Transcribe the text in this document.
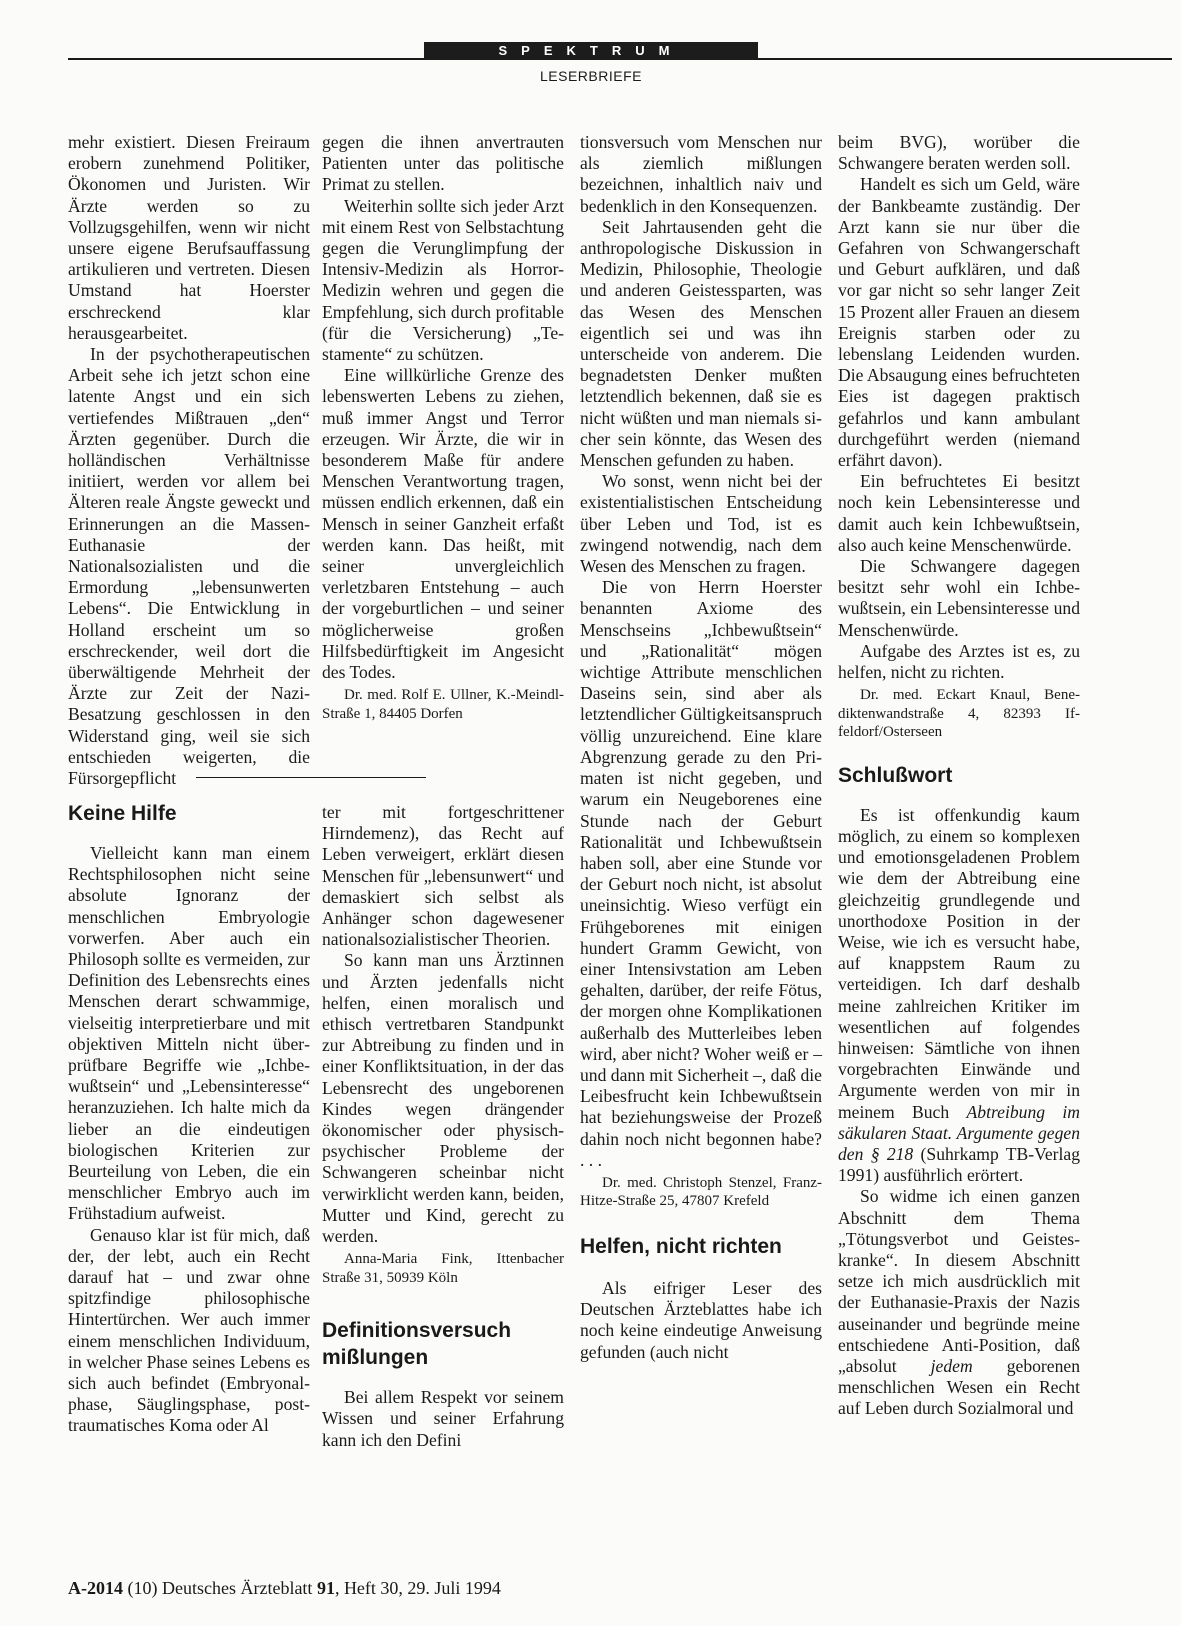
SPEKTRUM
LESERBRIEFE

mehr existiert. Diesen Freiraum erobern zunehmend Politiker, Ökonomen und Juristen. Wir Ärzte werden so zu Vollzugsgehilfen, wenn wir nicht unsere eigene Berufsauffassung artikulieren und vertreten. Diesen Umstand hat Hoerster erschreckend klar herausgearbeitet.

In der psychotherapeutischen Arbeit sehe ich jetzt schon eine latente Angst und ein sich vertiefendes Mißtrauen „den“ Ärzten gegenüber. Durch die holländischen Verhältnisse initiiert, werden vor allem bei Älteren reale Ängste geweckt und Erinnerungen an die Massen-Euthanasie der Nationalsozialisten und die Ermordung „lebensunwerten Lebens“. Die Entwicklung in Holland erscheint um so erschreckender, weil dort die überwältigende Mehrheit der Ärzte zur Zeit der Nazi-Besatzung geschlossen in den Widerstand ging, weil sie sich entschieden weigerten, die Fürsorgepflicht

gegen die ihnen anvertrauten Patienten unter das politische Primat zu stellen.

Weiterhin sollte sich jeder Arzt mit einem Rest von Selbstachtung gegen die Verunglimpfung der Intensiv-Medizin als Horror-Medizin wehren und gegen die Empfehlung, sich durch profitable (für die Versicherung) „Testamente“ zu schützen.

Eine willkürliche Grenze des lebenswerten Lebens zu ziehen, muß immer Angst und Terror erzeugen. Wir Ärzte, die wir in besonderem Maße für andere Menschen Verantwortung tragen, müssen endlich erkennen, daß ein Mensch in seiner Ganzheit erfaßt werden kann. Das heißt, mit seiner unvergleichlich verletzbaren Entstehung – auch der vorgeburtlichen – und seiner möglicherweise großen Hilfsbedürftigkeit im Angesicht des Todes.

Dr. med. Rolf E. Ullner, K.-Meindl-Straße 1, 84405 Dorfen

tionsversuch vom Menschen nur als ziemlich mißlungen bezeichnen, inhaltlich naiv und bedenklich in den Konsequenzen.

Seit Jahrtausenden geht die anthropologische Diskussion in Medizin, Philosophie, Theologie und anderen Geistessparten, was das Wesen des Menschen eigentlich sei und was ihn unterscheide von anderem. Die begnadetsten Denker mußten letztendlich bekennen, daß sie es nicht wüßten und man niemals sicher sein könnte, das Wesen des Menschen gefunden zu haben.

Wo sonst, wenn nicht bei der existentialistischen Entscheidung über Leben und Tod, ist es zwingend notwendig, nach dem Wesen des Menschen zu fragen.

Die von Herrn Hoerster benannten Axiome des Menschseins „Ichbewußtsein“ und „Rationalität“ mögen wichtige Attribute menschlichen Daseins sein, sind aber als letztendlicher Gültigkeitsanspruch völlig unzureichend. Eine klare Abgrenzung gerade zu den Primaten ist nicht gegeben, und warum ein Neugeborenes eine Stunde nach der Geburt Rationalität und Ichbewußtsein haben soll, aber eine Stunde vor der Geburt noch nicht, ist absolut uneinsichtig. Wieso verfügt ein Frühgeborenes mit einigen hundert Gramm Gewicht, von einer Intensivstation am Leben gehalten, darüber, der reife Fötus, der morgen ohne Komplikationen außerhalb des Mutterleibes leben wird, aber nicht? Woher weiß er – und dann mit Sicherheit –, daß die Leibesfrucht kein Ichbewußtsein hat beziehungsweise der Prozeß dahin noch nicht begonnen habe? . . .

Dr. med. Christoph Stenzel, Franz-Hitze-Straße 25, 47807 Krefeld

Helfen, nicht richten

Als eifriger Leser des Deutschen Ärzteblattes habe ich noch keine eindeutige Anweisung gefunden (auch nicht

beim BVG), worüber die Schwangere beraten werden soll.

Handelt es sich um Geld, wäre der Bankbeamte zuständig. Der Arzt kann sie nur über die Gefahren von Schwangerschaft und Geburt aufklären, und daß vor gar nicht so sehr langer Zeit 15 Prozent aller Frauen an diesem Ereignis starben oder zu lebenslang Leidenden wurden. Die Absaugung eines befruchteten Eies ist dagegen praktisch gefahrlos und kann ambulant durchgeführt werden (niemand erfährt davon).

Ein befruchtetes Ei besitzt noch kein Lebensinteresse und damit auch kein Ichbewußtsein, also auch keine Menschenwürde.

Die Schwangere dagegen besitzt sehr wohl ein Ichbewußtsein, ein Lebensinteresse und Menschenwürde.

Aufgabe des Arztes ist es, zu helfen, nicht zu richten.

Dr. med. Eckart Knaul, Benediktenwandstraße 4, 82393 Iffeldorf/Osterseen

Schlußwort

Es ist offenkundig kaum möglich, zu einem so komplexen und emotionsgeladenen Problem wie dem der Abtreibung eine gleichzeitig grundlegende und unorthodoxe Position in der Weise, wie ich es versucht habe, auf knappstem Raum zu verteidigen. Ich darf deshalb meine zahlreichen Kritiker im wesentlichen auf folgendes hinweisen: Sämtliche von ihnen vorgebrachten Einwände und Argumente werden von mir in meinem Buch Abtreibung im säkularen Staat. Argumente gegen den § 218 (Suhrkamp TB-Verlag 1991) ausführlich erörtert.

So widme ich einen ganzen Abschnitt dem Thema „Tötungsverbot und Geisteskranke“. In diesem Abschnitt setze ich mich ausdrücklich mit der Euthanasie-Praxis der Nazis auseinander und begründe meine entschiedene Anti-Position, daß „absolut jedem geborenen menschlichen Wesen ein Recht auf Leben durch Sozialmoral und

Keine Hilfe

Vielleicht kann man einem Rechtsphilosophen nicht seine absolute Ignoranz der menschlichen Embryologie vorwerfen. Aber auch ein Philosoph sollte es vermeiden, zur Definition des Lebensrechts eines Menschen derart schwammige, vielseitig interpretierbare und mit objektiven Mitteln nicht überprüfbare Begriffe wie „Ichbewußtsein“ und „Lebensinteresse“ heranzuziehen. Ich halte mich da lieber an die eindeutigen biologischen Kriterien zur Beurteilung von Leben, die ein menschlicher Embryo auch im Frühstadium aufweist.

Genauso klar ist für mich, daß der, der lebt, auch ein Recht darauf hat – und zwar ohne spitzfindige philosophische Hintertürchen. Wer auch immer einem menschlichen Individuum, in welcher Phase seines Lebens es sich auch befindet (Embryonalphase, Säuglingsphase, posttraumatisches Koma oder Al

ter mit fortgeschrittener Hirndemenz), das Recht auf Leben verweigert, erklärt diesen Menschen für „lebensunwert“ und demaskiert sich selbst als Anhänger schon dagewesener nationalsozialistischer Theorien.

So kann man uns Ärztinnen und Ärzten jedenfalls nicht helfen, einen moralisch und ethisch vertretbaren Standpunkt zur Abtreibung zu finden und in einer Konfliktsituation, in der das Lebensrecht des ungeborenen Kindes wegen drängender ökonomischer oder physisch-psychischer Probleme der Schwangeren scheinbar nicht verwirklicht werden kann, beiden, Mutter und Kind, gerecht zu werden.

Anna-Maria Fink, Ittenbacher Straße 31, 50939 Köln

Definitionsversuch mißlungen

Bei allem Respekt vor seinem Wissen und seiner Erfahrung kann ich den Defini

A-2014 (10) Deutsches Ärzteblatt 91, Heft 30, 29. Juli 1994
